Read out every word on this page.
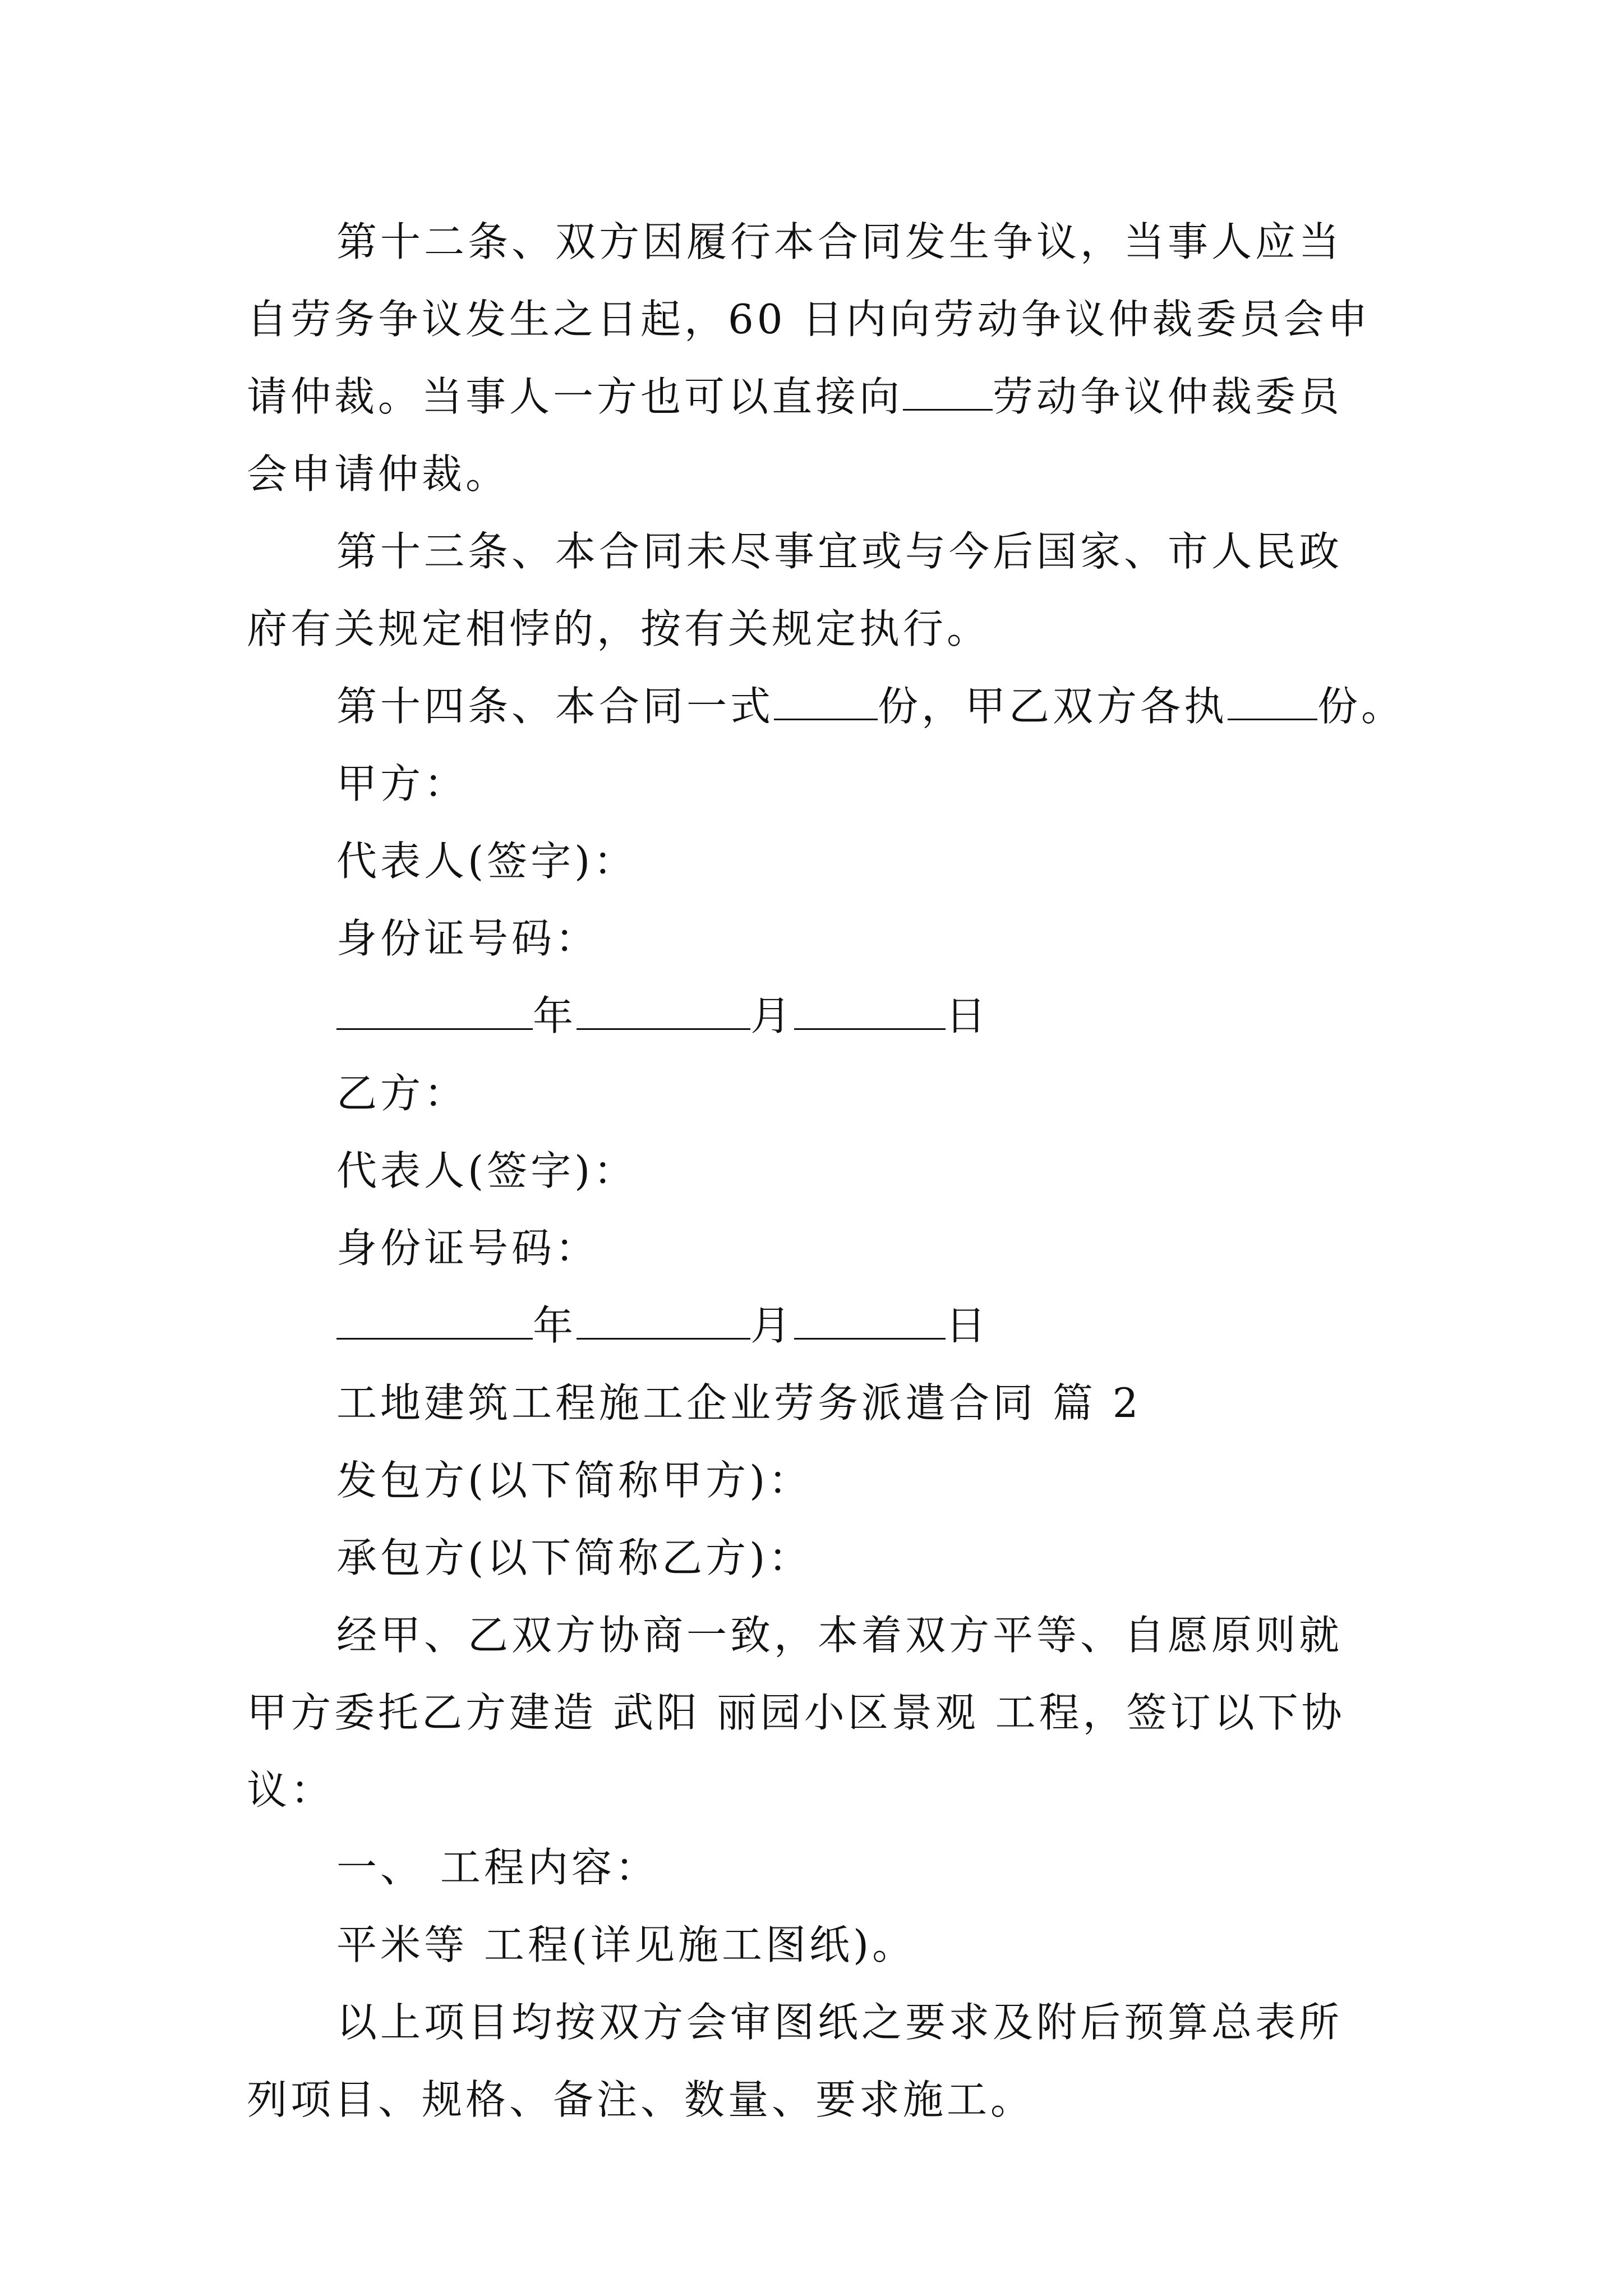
第十二条、双方因履行本合同发生争议，当事人应当自劳务争议发生之日起，60 日内向劳动争议仲裁委员会申请仲裁。当事人一方也可以直接向 劳动争议仲裁委员会申请仲裁。

第十三条、本合同未尽事宜或与今后国家、市人民政府有关规定相悖的，按有关规定执行。

第十四条、本合同一式	份，甲乙双方各执 份。

甲方：

代表人(签字)：

身份证号码：

年	月	日

乙方：

代表人(签字)：

身份证号码：

年	月	日

工地建筑工程施工企业劳务派遣合同 篇 2

发包方(以下简称甲方)：

承包方(以下简称乙方)：

经甲、乙双方协商一致，本着双方平等、自愿原则就甲方委托乙方建造 武阳 丽园小区景观 工程，签订以下协议：

一、 工程内容：

平米等 工程(详见施工图纸)。

以上项目均按双方会审图纸之要求及附后预算总表所列项目、规格、备注、数量、要求施工。
